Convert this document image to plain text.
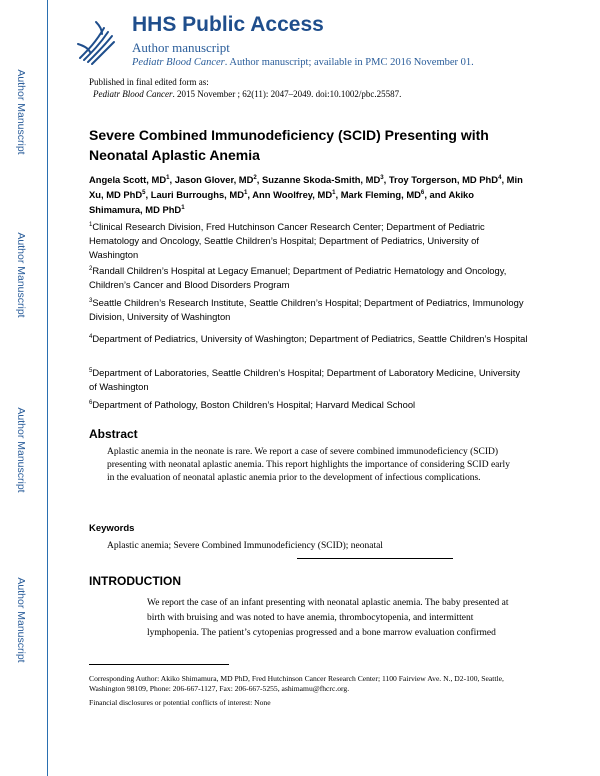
Author Manuscript
Author Manuscript
Author Manuscript
Author Manuscript
HHS Public Access
Author manuscript
Pediatr Blood Cancer. Author manuscript; available in PMC 2016 November 01.
Published in final edited form as:
Pediatr Blood Cancer. 2015 November ; 62(11): 2047–2049. doi:10.1002/pbc.25587.
Severe Combined Immunodeficiency (SCID) Presenting with Neonatal Aplastic Anemia
Angela Scott, $MD^1$, Jason Glover, $MD^2$, Suzanne Skoda-Smith, $MD^3$, Troy Torgerson, MD PhD$^4$, Min Xu, MD PhD$^5$, Lauri Burroughs, $MD^1$, Ann Woolfrey, $MD^1$, Mark Fleming, $MD^6$, and Akiko Shimamura, MD PhD$^1$
$^1$Clinical Research Division, Fred Hutchinson Cancer Research Center; Department of Pediatric Hematology and Oncology, Seattle Children’s Hospital; Department of Pediatrics, University of Washington
$^2$Randall Children’s Hospital at Legacy Emanuel; Department of Pediatric Hematology and Oncology, Children’s Cancer and Blood Disorders Program
$^3$Seattle Children’s Research Institute, Seattle Children’s Hospital; Department of Pediatrics, Immunology Division, University of Washington
$^4$Department of Pediatrics, University of Washington; Department of Pediatrics, Seattle Children’s Hospital
$^5$Department of Laboratories, Seattle Children’s Hospital; Department of Laboratory Medicine, University of Washington
$^6$Department of Pathology, Boston Children’s Hospital; Harvard Medical School
Abstract
Aplastic anemia in the neonate is rare. We report a case of severe combined immunodeficiency (SCID) presenting with neonatal aplastic anemia. This report highlights the importance of considering SCID early in the evaluation of neonatal aplastic anemia prior to the development of infectious complications.
Keywords
Aplastic anemia; Severe Combined Immunodeficiency (SCID); neonatal
INTRODUCTION
We report the case of an infant presenting with neonatal aplastic anemia. The baby presented at birth with bruising and was noted to have anemia, thrombocytopenia, and intermittent lymphopenia. The patient’s cytopenias progressed and a bone marrow evaluation confirmed
Corresponding Author: Akiko Shimamura, MD PhD, Fred Hutchinson Cancer Research Center; 1100 Fairview Ave. N., D2-100, Seattle, Washington 98109, Phone: 206-667-1127, Fax: 206-667-5255, ashimamu@fhcrc.org.
Financial disclosures or potential conflicts of interest: None
